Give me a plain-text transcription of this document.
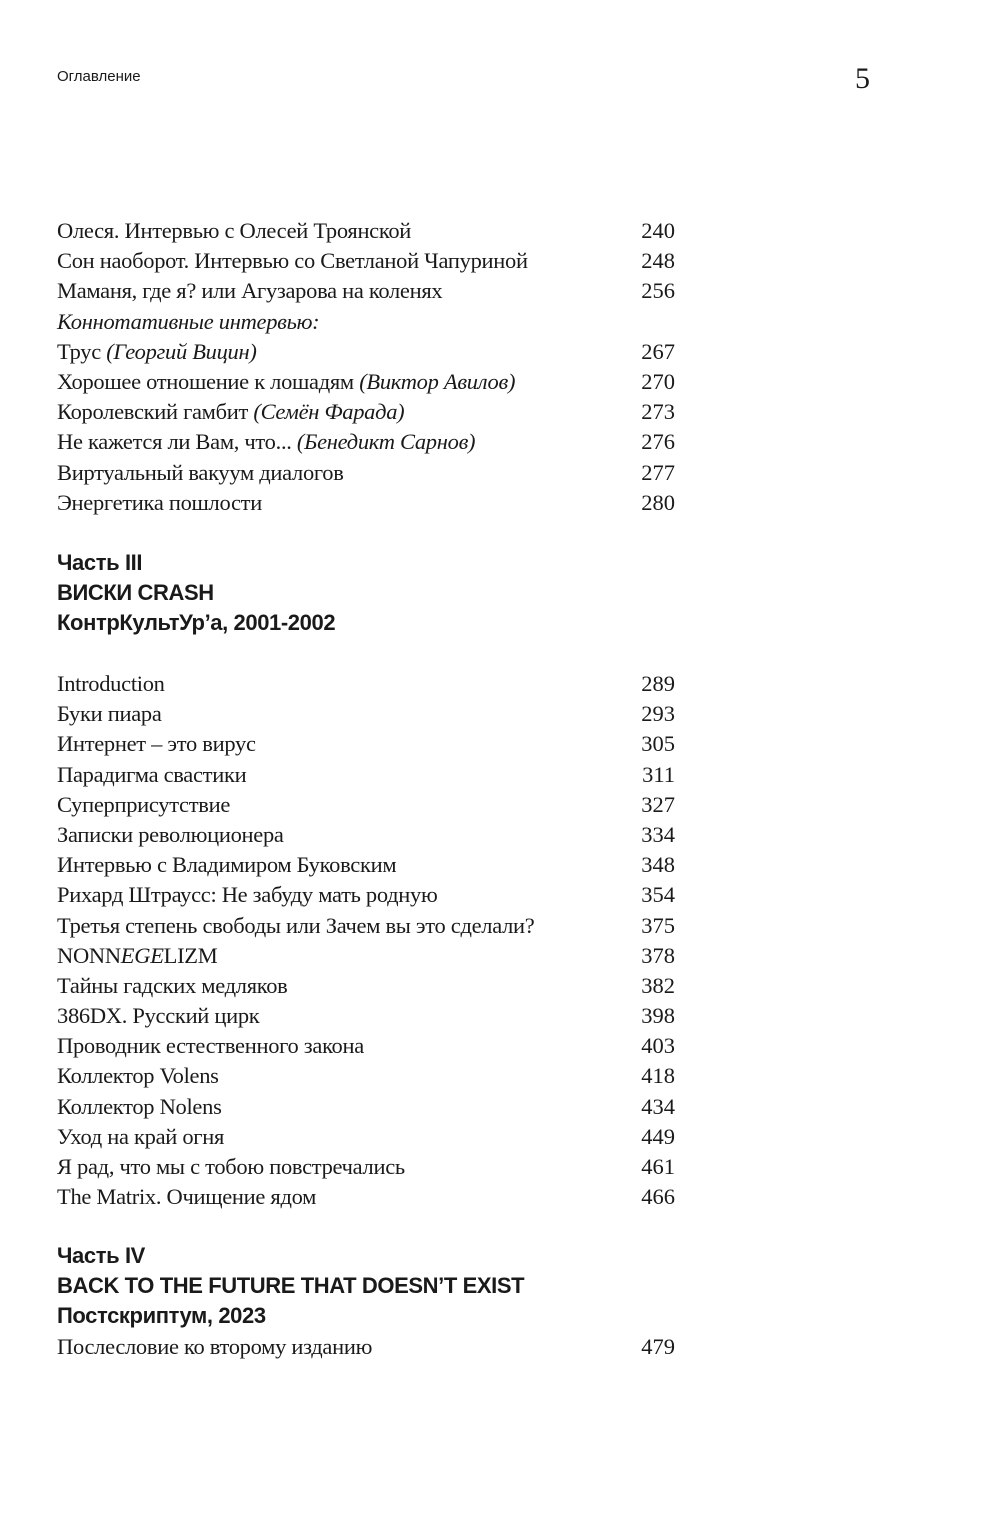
Оглавление	5
Олеся. Интервью с Олесей Троянской	240
Сон наоборот. Интервью со Светланой Чапуриной	248
Маманя, где я? или Агузарова на коленях	256
Коннотативные интервью:
Трус (Георгий Вицин)	267
Хорошее отношение к лошадям (Виктор Авилов)	270
Королевский гамбит (Семён Фарада)	273
Не кажется ли Вам, что... (Бенедикт Сарнов)	276
Виртуальный вакуум диалогов	277
Энергетика пошлости	280
Часть III
ВИСКИ CRASH
КонтрКультУр’а, 2001-2002
Introduction	289
Буки пиара	293
Интернет – это вирус	305
Парадигма свастики	311
Суперприсутствие	327
Записки революционера	334
Интервью с Владимиром Буковским	348
Рихард Штраусс: Не забуду мать родную	354
Третья степень свободы или Зачем вы это сделали?	375
NONNEGELIZM	378
Тайны гадских медляков	382
386DX. Русский цирк	398
Проводник естественного закона	403
Коллектор Volens	418
Коллектор Nolens	434
Уход на край огня	449
Я рад, что мы с тобою повстречались	461
The Matrix. Очищение ядом	466
Часть IV
BACK TO THE FUTURE THAT DOESN’T EXIST
Постскриптум, 2023
Послесловие ко второму изданию	479
